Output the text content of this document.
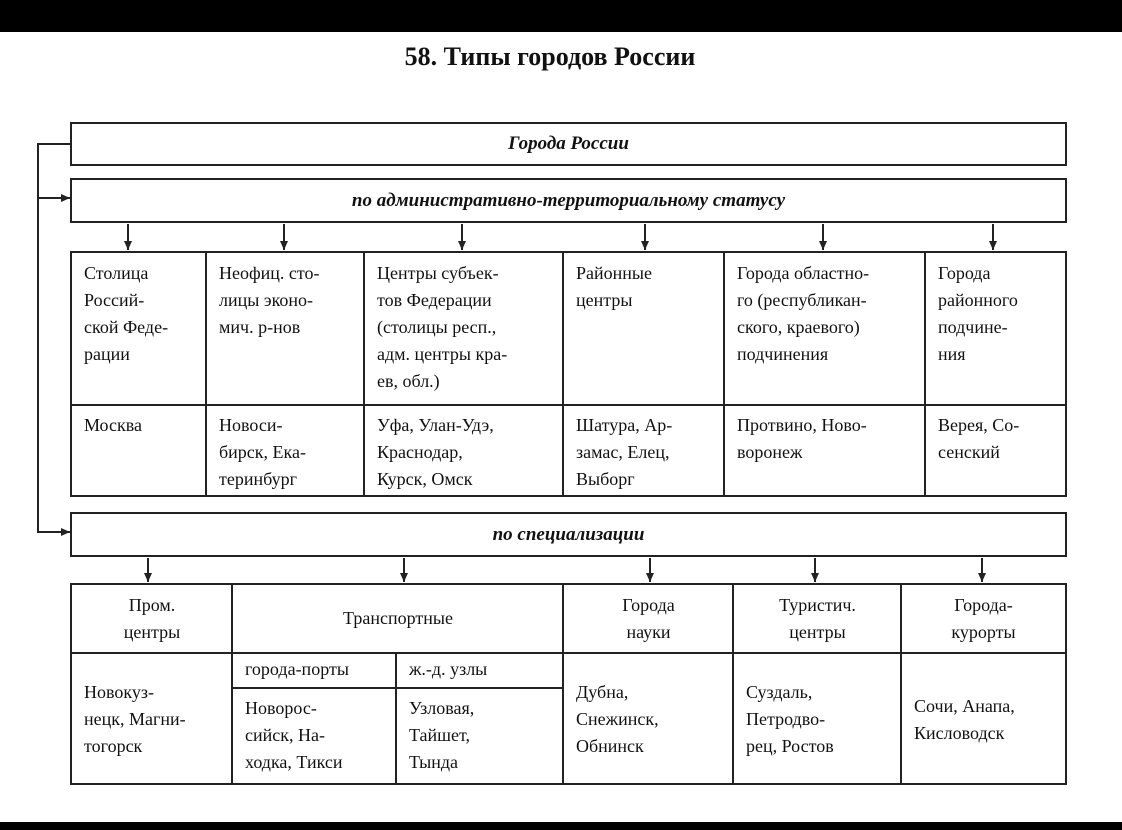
58. Типы городов России
Города России
по административно-территориальному статусу
по специализации
Столица Россий-
ской Феде-
рации
Неофиц. сто-
лицы эконо-
мич. р-нов
Центры субъек-
тов Федерации
(столицы респ.,
адм. центры кра-
ев, обл.)
Районные
центры
Города областно-
го (республикан-
ского, краевого)
подчинения
Города
районного
подчине-
ния
Москва	Новоси-
бирск, Ека-
теринбург
Уфа, Улан-Удэ,
Краснодар,
Курск, Омск
Шатура, Ар-
замас, Елец,
Выборг
Протвино, Ново-
воронеж
Верея, Со-
сенский
Пром.
центры
Транспортные
Города
науки
Туристич.
центры
Города-
курорты
города-порты	ж.-д. узлы
Новокуз-
нецк, Магни-
тогорск
Новорос-
сийск, На-
ходка, Тикси
Узловая,
Тайшет,
Тында
Дубна,
Снежинск,
Обнинск
Суздаль,
Петродво-
рец, Ростов
Сочи, Анапа,
Кисловодск
